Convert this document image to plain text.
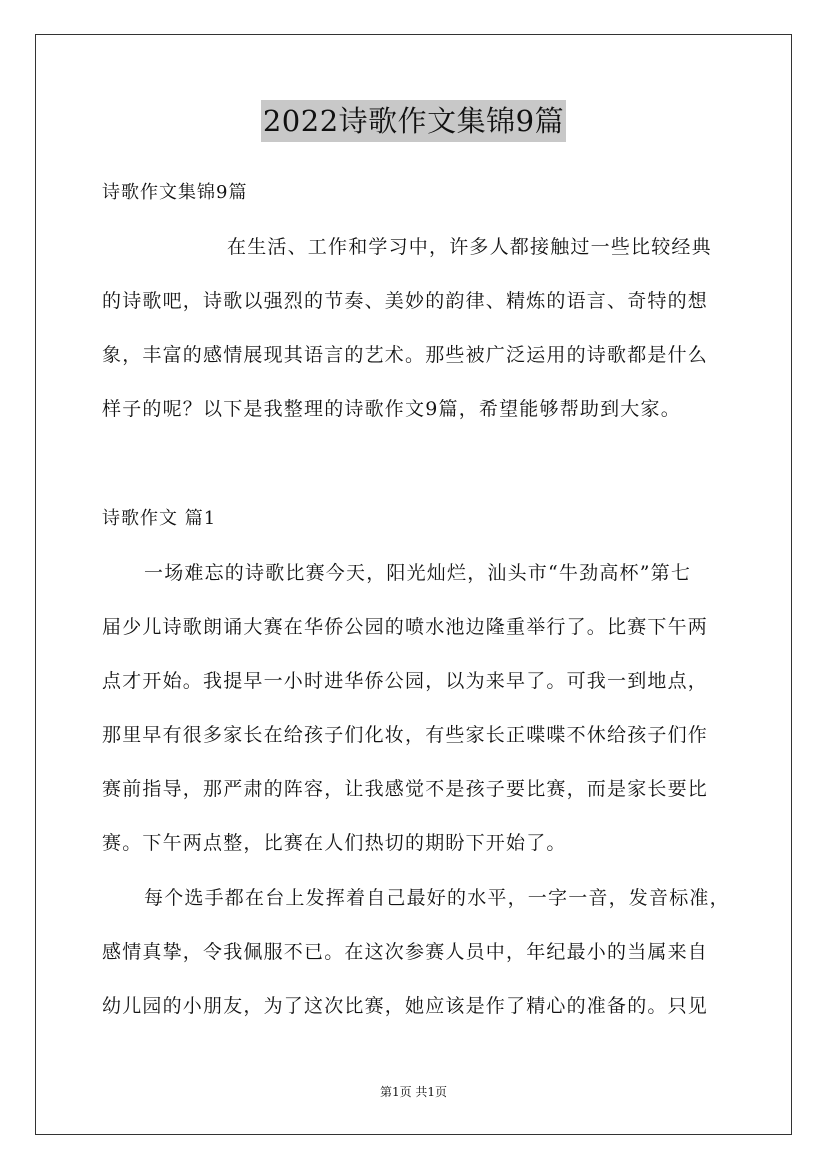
2022诗歌作文集锦9篇
诗歌作文集锦9篇
在生活、工作和学习中，许多人都接触过一些比较经典
的诗歌吧，诗歌以强烈的节奏、美妙的韵律、精炼的语言、奇特的想
象，丰富的感情展现其语言的艺术。那些被广泛运用的诗歌都是什么
样子的呢？以下是我整理的诗歌作文9篇，希望能够帮助到大家。
诗歌作文 篇1
一场难忘的诗歌比赛今天，阳光灿烂，汕头市“牛劲高杯”第七
届少儿诗歌朗诵大赛在华侨公园的喷水池边隆重举行了。比赛下午两
点才开始。我提早一小时进华侨公园，以为来早了。可我一到地点，
那里早有很多家长在给孩子们化妆，有些家长正喋喋不休给孩子们作
赛前指导，那严肃的阵容，让我感觉不是孩子要比赛，而是家长要比
赛。下午两点整，比赛在人们热切的期盼下开始了。
每个选手都在台上发挥着自己最好的水平，一字一音，发音标准，
感情真挚，令我佩服不已。在这次参赛人员中，年纪最小的当属来自
幼儿园的小朋友，为了这次比赛，她应该是作了精心的准备的。只见
第1页 共1页
